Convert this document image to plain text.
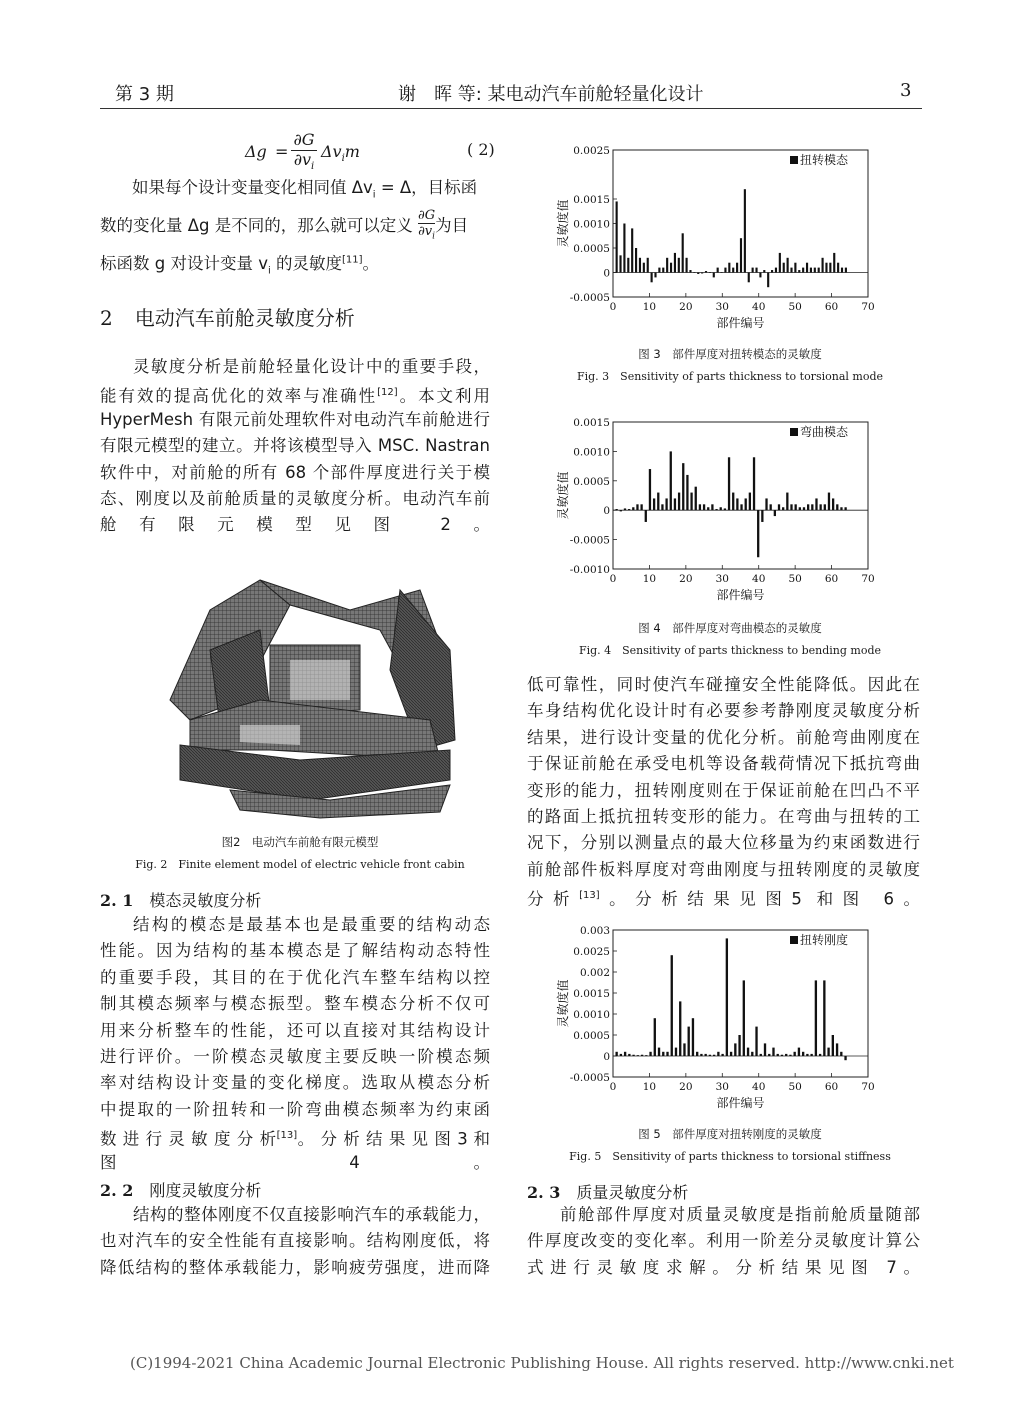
第 3 期	谢　晖 等: 某电动汽车前舱轻量化设计	3
Δg =
∂G
$\partial v_i$
$\Delta v_im$	( 2)
如果每个设计变量变化相同值 $\Delta v_i = \Delta$，目标函
数的变化量 Δg 是不同的，那么就可以定义 $\frac{\partial G}{\partial v_i}$ 为目
标函数 g 对设计变量 $v_i$ 的灵敏度[11]。
2 电动汽车前舱灵敏度分析
灵敏度分析是前舱轻量化设计中的重要手段，
能有效的提高优化的效率与准确性[12]。本文利用
HyperMesh 有限元前处理软件对电动汽车前舱进行
有限元模型的建立。并将该模型导入 MSC. Nastran
软件中，对前舱的所有 68 个部件厚度进行关于模
态、刚度以及前舱质量的灵敏度分析。电动汽车前
舱有限元模型见图 2。
图2　电动汽车前舱有限元模型
Fig. 2　Finite element model of electric vehicle front cabin
2. 1　 模态灵敏度分析
结构的模态是最基本也是最重要的结构动态
性能。因为结构的基本模态是了解结构动态特性
的重要手段，其目的在于优化汽车整车结构以控
制其模态频率与模态振型。整车模态分析不仅可
用来分析整车的性能，还可以直接对其结构设计
进行评价。一阶模态灵敏度主要反映一阶模态频
率对结构设计变量的变化梯度。选取从模态分析
中提取的一阶扭转和一阶弯曲模态频率为约束函
数 进 行 灵 敏 度 分 析[13]。 分 析 结 果 见 图 3 和
图 4。
2. 2　 刚度灵敏度分析
结构的整体刚度不仅直接影响汽车的承载能力，
也对汽车的安全性能有直接影响。结构刚度低，将
降低结构的整体承载能力，影响疲劳强度，进而降
0.0025
0.0015
0.0010
0.0005
0
-0.0005
0	10 20 30 40 50 60 70
扭转模态
部件编号
灵敏度值
图 3　部件厚度对扭转模态的灵敏度
Fig. 3　Sensitivity of parts thickness to torsional mode
0.0015
0.0010
0.0005
0
-0.0005
-0.0010
0	10 20 30 40 50 60 70
弯曲模态
部件编号
灵敏度值
图 4　部件厚度对弯曲模态的灵敏度
Fig. 4　Sensitivity of parts thickness to bending mode
低可靠性，同时使汽车碰撞安全性能降低。因此在
车身结构优化设计时有必要参考静刚度灵敏度分析
结果，进行设计变量的优化分析。前舱弯曲刚度在
于保证前舱在承受电机等设备载荷情况下抵抗弯曲
变形的能力，扭转刚度则在于保证前舱在凹凸不平
的路面上抵抗扭转变形的能力。在弯曲与扭转的工
况下，分别以测量点的最大位移量为约束函数进行
前舱部件板料厚度对弯曲刚度与扭转刚度的灵敏度
分析[13]。分析结果见图5 和图 6。
0.003
0.0025
0.002
0.0015
0.0010
0.0005
0
-0.0005
0	10 20 30 40 50 60 70
扭转刚度
部件编号
灵敏度值
图 5　部件厚度对扭转刚度的灵敏度
Fig. 5　Sensitivity of parts thickness to torsional stiffness
2. 3　 质量灵敏度分析
前舱部件厚度对质量灵敏度是指前舱质量随部
件厚度改变的变化率。利用一阶差分灵敏度计算公
式进行灵敏度求解。分析结果见图 7。
(C)1994-2021 China Academic Journal Electronic Publishing House. All rights reserved. http://www.cnki.net
